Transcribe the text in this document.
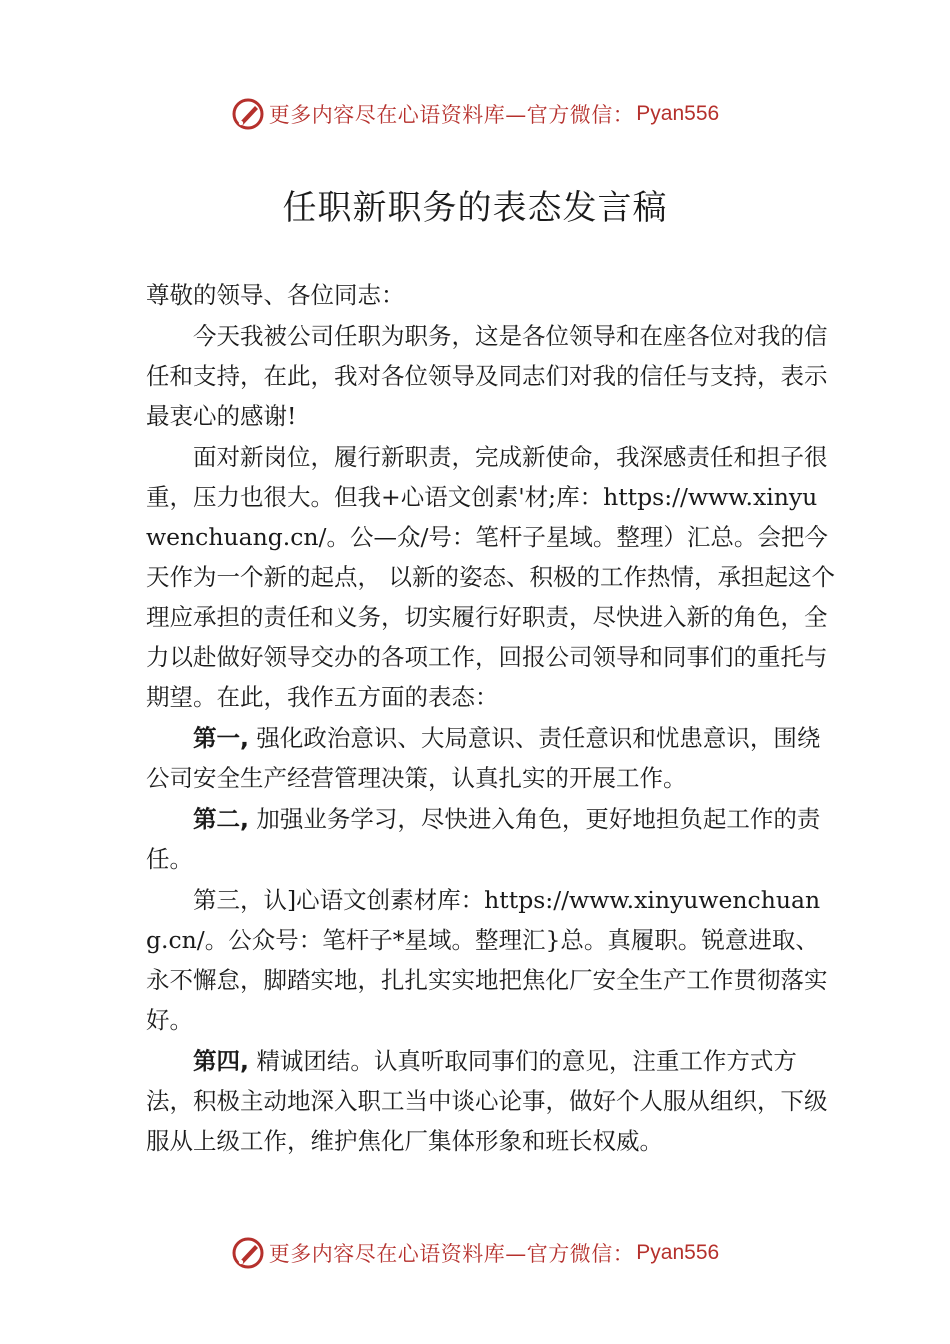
更多内容尽在心语资料库—官方微信： Pyan556
任职新职务的表态发言稿

尊敬的领导、各位同志：

今天我被公司任职为职务，这是各位领导和在座各位对我的信任和支持，在此，我对各位领导及同志们对我的信任与支持，表示最衷心的感谢!

面对新岗位，履行新职责，完成新使命，我深感责任和担子很重，压力也很大。但我+心语文创素'材;库：https://www.xinyuwenchuang.cn/。公—众/号：笔杆子星域。整理）汇总。会把今天作为一个新的起点， 以新的姿态、积极的工作热情，承担起这个理应承担的责任和义务，切实履行好职责，尽快进入新的角色，全力以赴做好领导交办的各项工作，回报公司领导和同事们的重托与期望。在此，我作五方面的表态：

第一, 强化政治意识、大局意识、责任意识和忧患意识，围绕公司安全生产经营管理决策，认真扎实的开展工作。

第二, 加强业务学习，尽快进入角色，更好地担负起工作的责任。

第三，认]心语文创素材库：https://www.xinyuwenchuang.cn/。公众号：笔杆子*星域。整理汇}总。真履职。锐意进取、永不懈怠，脚踏实地，扎扎实实地把焦化厂安全生产工作贯彻落实好。

第四, 精诚团结。认真听取同事们的意见，注重工作方式方法，积极主动地深入职工当中谈心论事，做好个人服从组织，下级服从上级工作，维护焦化厂集体形象和班长权威。

更多内容尽在心语资料库—官方微信： Pyan556
